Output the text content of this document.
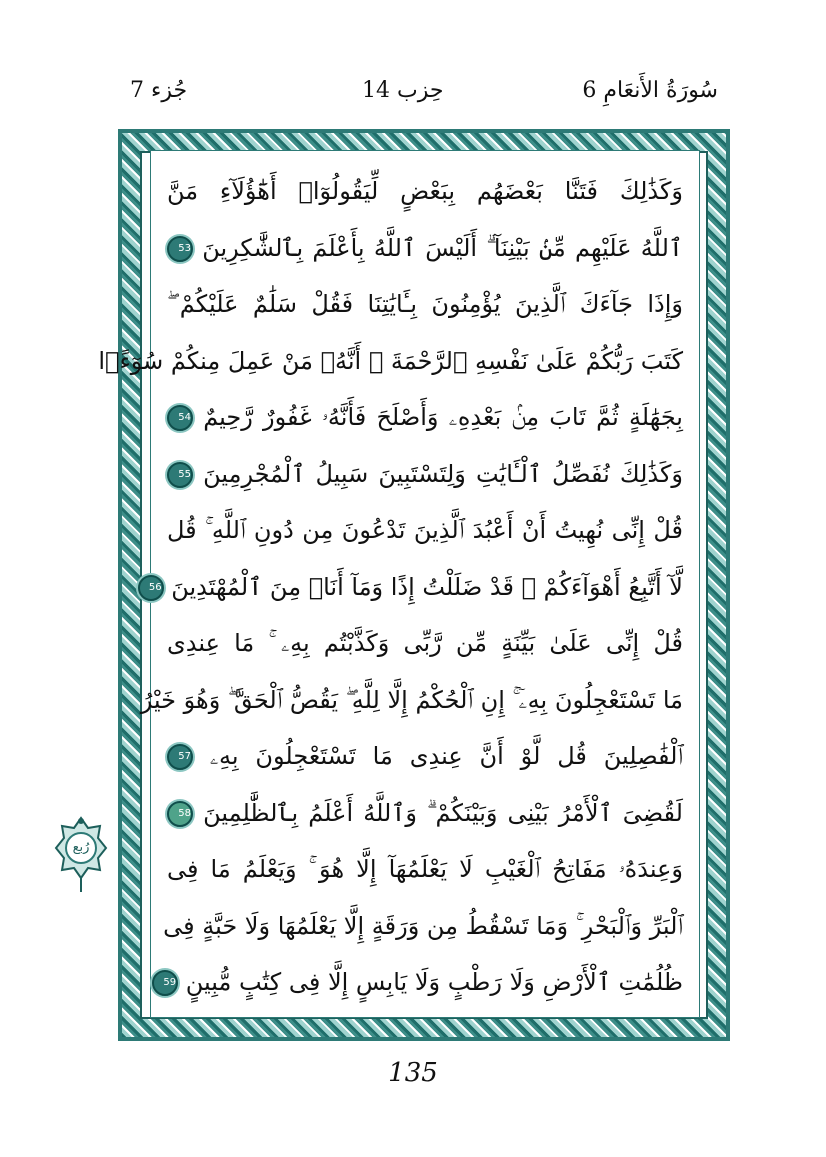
جُزء 7	حِزب 14	6 سُورَةُ الأَنعَامِ
وَكَذَٰلِكَ فَتَنَّا بَعْضَهُم بِبَعْضٍ لِّيَقُولُوٓا۟ أَهَٰٓؤُلَآءِ مَنَّ
ٱللَّهُ عَلَيْهِم مِّنۢ بَيْنِنَآ ۗ أَلَيْسَ ٱللَّهُ بِأَعْلَمَ بِٱلشَّٰكِرِينَ 53
وَإِذَا جَآءَكَ ٱلَّذِينَ يُؤْمِنُونَ بِـَٔايَٰتِنَا فَقُلْ سَلَٰمٌ عَلَيْكُمْ ۖ
كَتَبَ رَبُّكُمْ عَلَىٰ نَفْسِهِ ٱلرَّحْمَةَ ۖ أَنَّهُۥ مَنْ عَمِلَ مِنكُمْ سُوٓءًۢا
بِجَهَٰلَةٍ ثُمَّ تَابَ مِنۢ بَعْدِهِۦ وَأَصْلَحَ فَأَنَّهُۥ غَفُورٌ رَّحِيمٌ 54
وَكَذَٰلِكَ نُفَصِّلُ ٱلْـَٔايَٰتِ وَلِتَسْتَبِينَ سَبِيلُ ٱلْمُجْرِمِينَ 55
قُلْ إِنِّى نُهِيتُ أَنْ أَعْبُدَ ٱلَّذِينَ تَدْعُونَ مِن دُونِ ٱللَّهِ ۚ قُل
لَّآ أَتَّبِعُ أَهْوَآءَكُمْ ۙ قَدْ ضَلَلْتُ إِذًا وَمَآ أَنَا۠ مِنَ ٱلْمُهْتَدِينَ 56
قُلْ إِنِّى عَلَىٰ بَيِّنَةٍ مِّن رَّبِّى وَكَذَّبْتُم بِهِۦ ۚ مَا عِندِى
مَا تَسْتَعْجِلُونَ بِهِۦٓ ۚ إِنِ ٱلْحُكْمُ إِلَّا لِلَّهِ ۖ يَقُصُّ ٱلْحَقَّ ۖ وَهُوَ خَيْرُ
ٱلْفَٰصِلِينَ قُل لَّوْ أَنَّ عِندِى مَا تَسْتَعْجِلُونَ بِهِۦ 57
لَقُضِىَ ٱلْأَمْرُ بَيْنِى وَبَيْنَكُمْ ۗ وَٱللَّهُ أَعْلَمُ بِٱلظَّٰلِمِينَ 58
وَعِندَهُۥ مَفَاتِحُ ٱلْغَيْبِ لَا يَعْلَمُهَآ إِلَّا هُوَ ۚ وَيَعْلَمُ مَا فِى
ٱلْبَرِّ وَٱلْبَحْرِ ۚ وَمَا تَسْقُطُ مِن وَرَقَةٍ إِلَّا يَعْلَمُهَا وَلَا حَبَّةٍ فِى
ظُلُمَٰتِ ٱلْأَرْضِ وَلَا رَطْبٍ وَلَا يَابِسٍ إِلَّا فِى كِتَٰبٍ مُّبِينٍ 59
رُبع
135
